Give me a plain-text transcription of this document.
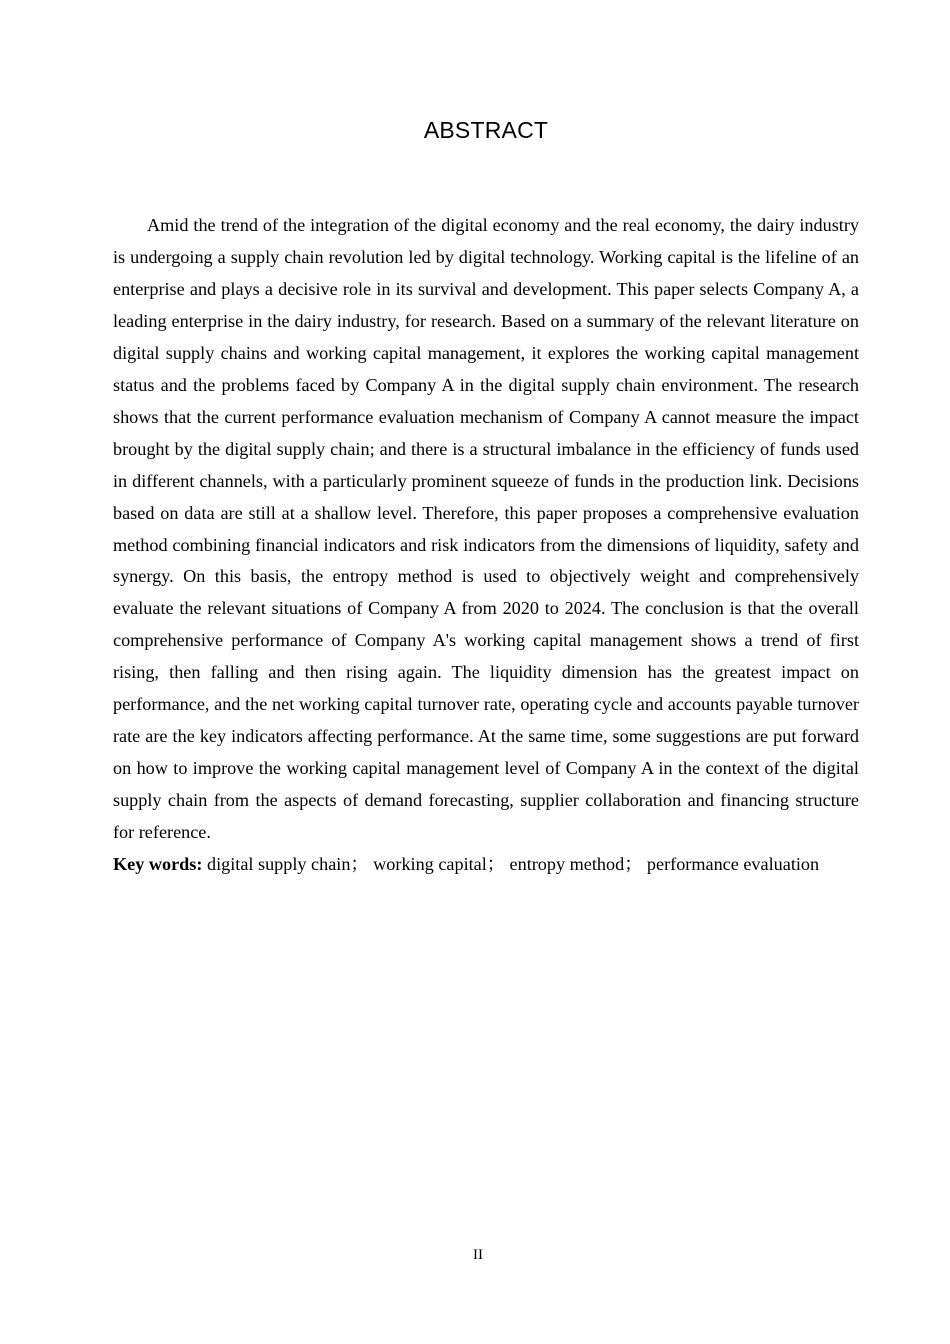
ABSTRACT

Amid the trend of the integration of the digital economy and the real economy, the dairy industry is undergoing a supply chain revolution led by digital technology. Working capital is the lifeline of an enterprise and plays a decisive role in its survival and development. This paper selects Company A, a leading enterprise in the dairy industry, for research. Based on a summary of the relevant literature on digital supply chains and working capital management, it explores the working capital management status and the problems faced by Company A in the digital supply chain environment. The research shows that the current performance evaluation mechanism of Company A cannot measure the impact brought by the digital supply chain; and there is a structural imbalance in the efficiency of funds used in different channels, with a particularly prominent squeeze of funds in the production link. Decisions based on data are still at a shallow level. Therefore, this paper proposes a comprehensive evaluation method combining financial indicators and risk indicators from the dimensions of liquidity, safety and synergy. On this basis, the entropy method is used to objectively weight and comprehensively evaluate the relevant situations of Company A from 2020 to 2024. The conclusion is that the overall comprehensive performance of Company A's working capital management shows a trend of first rising, then falling and then rising again. The liquidity dimension has the greatest impact on performance, and the net working capital turnover rate, operating cycle and accounts payable turnover rate are the key indicators affecting performance. At the same time, some suggestions are put forward on how to improve the working capital management level of Company A in the context of the digital supply chain from the aspects of demand forecasting, supplier collaboration and financing structure for reference.

Key words: digital supply chain； working capital； entropy method； performance evaluation

II
